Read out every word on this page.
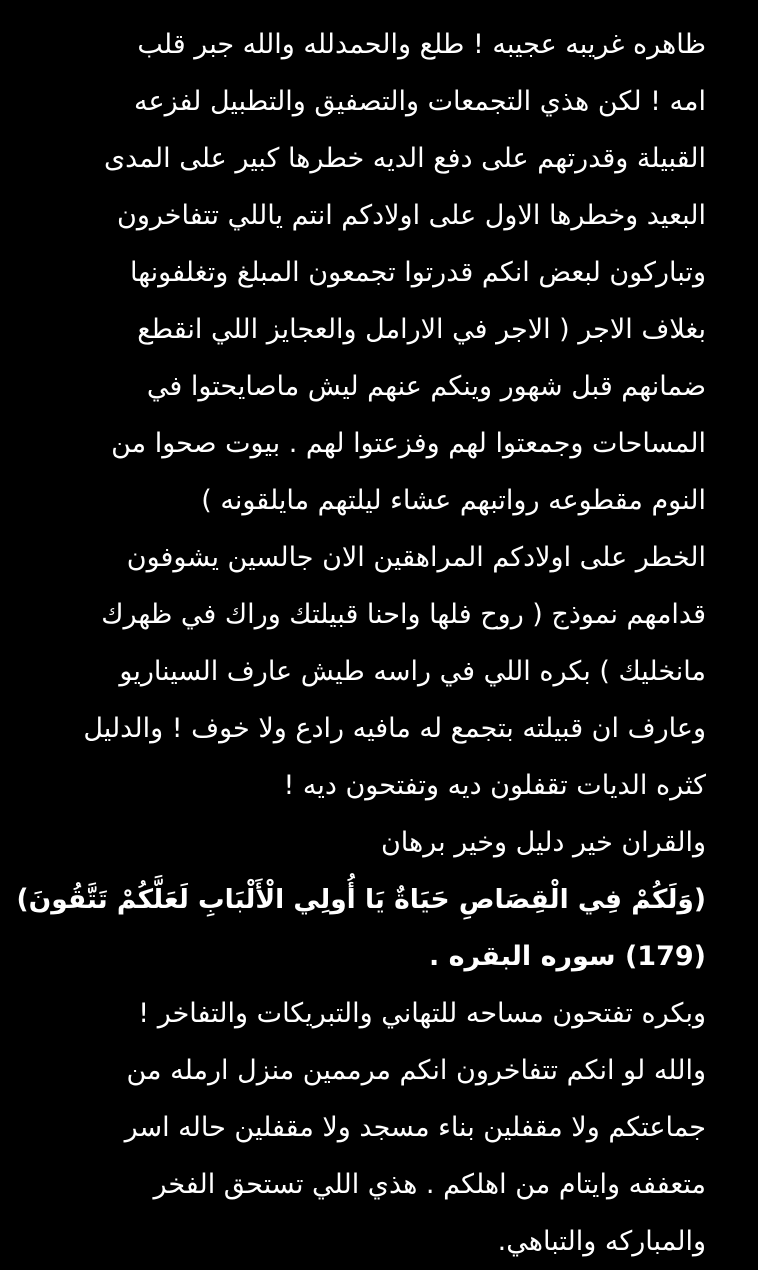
ظاهره غريبه عجيبه ! طلع والحمدلله والله جبر قلب
امه ! لكن هذي التجمعات والتصفيق والتطبيل لفزعه
القبيلة وقدرتهم على دفع الديه خطرها كبير على المدى
البعيد وخطرها الاول على اولادكم انتم ياللي تتفاخرون
وتباركون لبعض انكم قدرتوا تجمعون المبلغ وتغلفونها
بغلاف الاجر ( الاجر في الارامل والعجايز اللي انقطع
ضمانهم قبل شهور وينكم عنهم ليش ماصايحتوا في
المساحات وجمعتوا لهم وفزعتوا لهم . بيوت صحوا من
النوم مقطوعه رواتبهم عشاء ليلتهم مايلقونه )
الخطر على اولادكم المراهقين الان جالسين يشوفون
قدامهم نموذج ( روح فلها واحنا قبيلتك وراك في ظهرك
مانخليك ) بكره اللي في راسه طيش عارف السيناريو
وعارف ان قبيلته بتجمع له مافيه رادع ولا خوف ! والدليل
كثره الديات تقفلون ديه وتفتحون ديه !
والقران خير دليل وخير برهان
(وَلَكُمْ فِي الْقِصَاصِ حَيَاةٌ يَا أُولِي الْأَلْبَابِ لَعَلَّكُمْ تَتَّقُونَ)
(179) سوره البقره .
وبكره تفتحون مساحه للتهاني والتبريكات والتفاخر !
والله لو انكم تتفاخرون انكم مرممين منزل ارمله من
جماعتكم ولا مقفلين بناء مسجد ولا مقفلين حاله اسر
متعففه وايتام من اهلكم . هذي اللي تستحق الفخر
والمباركه والتباهي.
